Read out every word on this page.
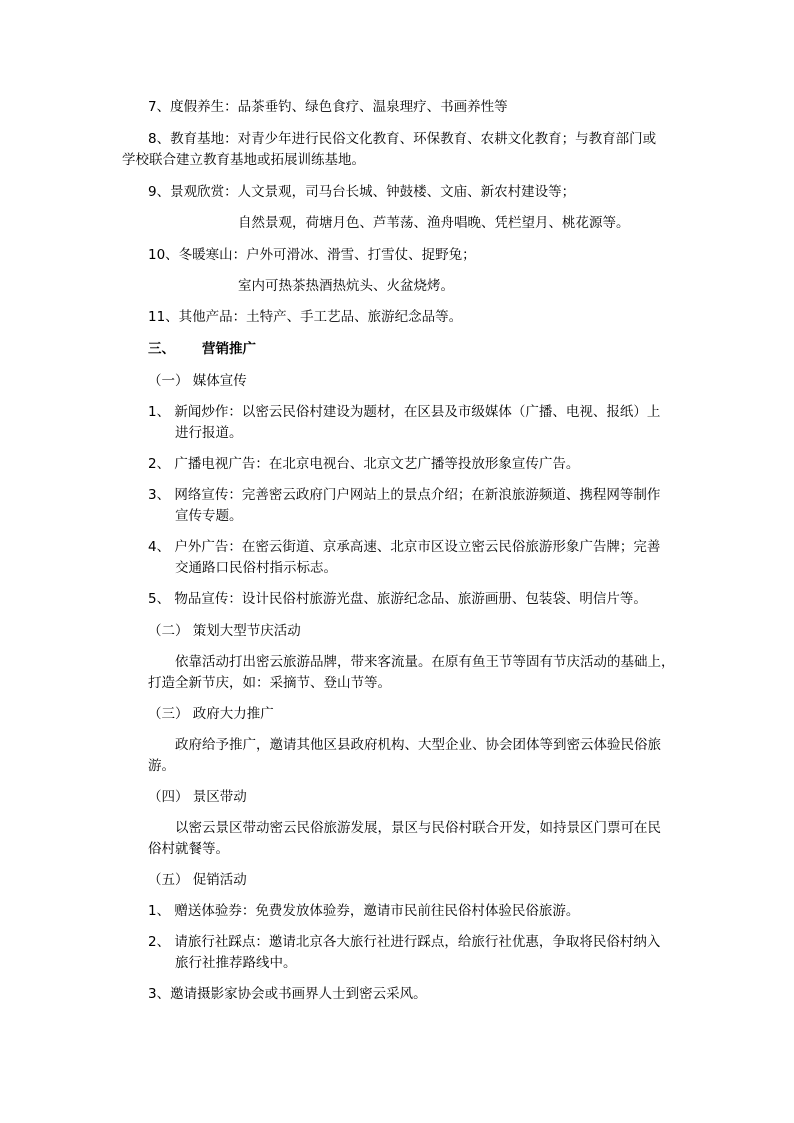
7、度假养生：品茶垂钓、绿色食疗、温泉理疗、书画养性等
8、教育基地：对青少年进行民俗文化教育、环保教育、农耕文化教育；与教育部门或
学校联合建立教育基地或拓展训练基地。
9、景观欣赏：人文景观，司马台长城、钟鼓楼、文庙、新农村建设等；
自然景观，荷塘月色、芦苇荡、渔舟唱晚、凭栏望月、桃花源等。
10、冬暖寒山：户外可滑冰、滑雪、打雪仗、捉野兔；
室内可热茶热酒热炕头、火盆烧烤。
11、其他产品：土特产、手工艺品、旅游纪念品等。
三、 营销推广
（一） 媒体宣传
1、 新闻炒作：以密云民俗村建设为题材，在区县及市级媒体（广播、电视、报纸）上
进行报道。
2、 广播电视广告：在北京电视台、北京文艺广播等投放形象宣传广告。
3、 网络宣传：完善密云政府门户网站上的景点介绍；在新浪旅游频道、携程网等制作
宣传专题。
4、 户外广告：在密云街道、京承高速、北京市区设立密云民俗旅游形象广告牌；完善
交通路口民俗村指示标志。
5、 物品宣传：设计民俗村旅游光盘、旅游纪念品、旅游画册、包装袋、明信片等。
（二） 策划大型节庆活动
依靠活动打出密云旅游品牌，带来客流量。在原有鱼王节等固有节庆活动的基础上，
打造全新节庆，如：采摘节、登山节等。
（三） 政府大力推广
政府给予推广，邀请其他区县政府机构、大型企业、协会团体等到密云体验民俗旅
游。
（四） 景区带动
以密云景区带动密云民俗旅游发展，景区与民俗村联合开发，如持景区门票可在民
俗村就餐等。
（五） 促销活动
1、 赠送体验券：免费发放体验券，邀请市民前往民俗村体验民俗旅游。
2、 请旅行社踩点：邀请北京各大旅行社进行踩点，给旅行社优惠，争取将民俗村纳入
旅行社推荐路线中。
3、邀请摄影家协会或书画界人士到密云采风。
